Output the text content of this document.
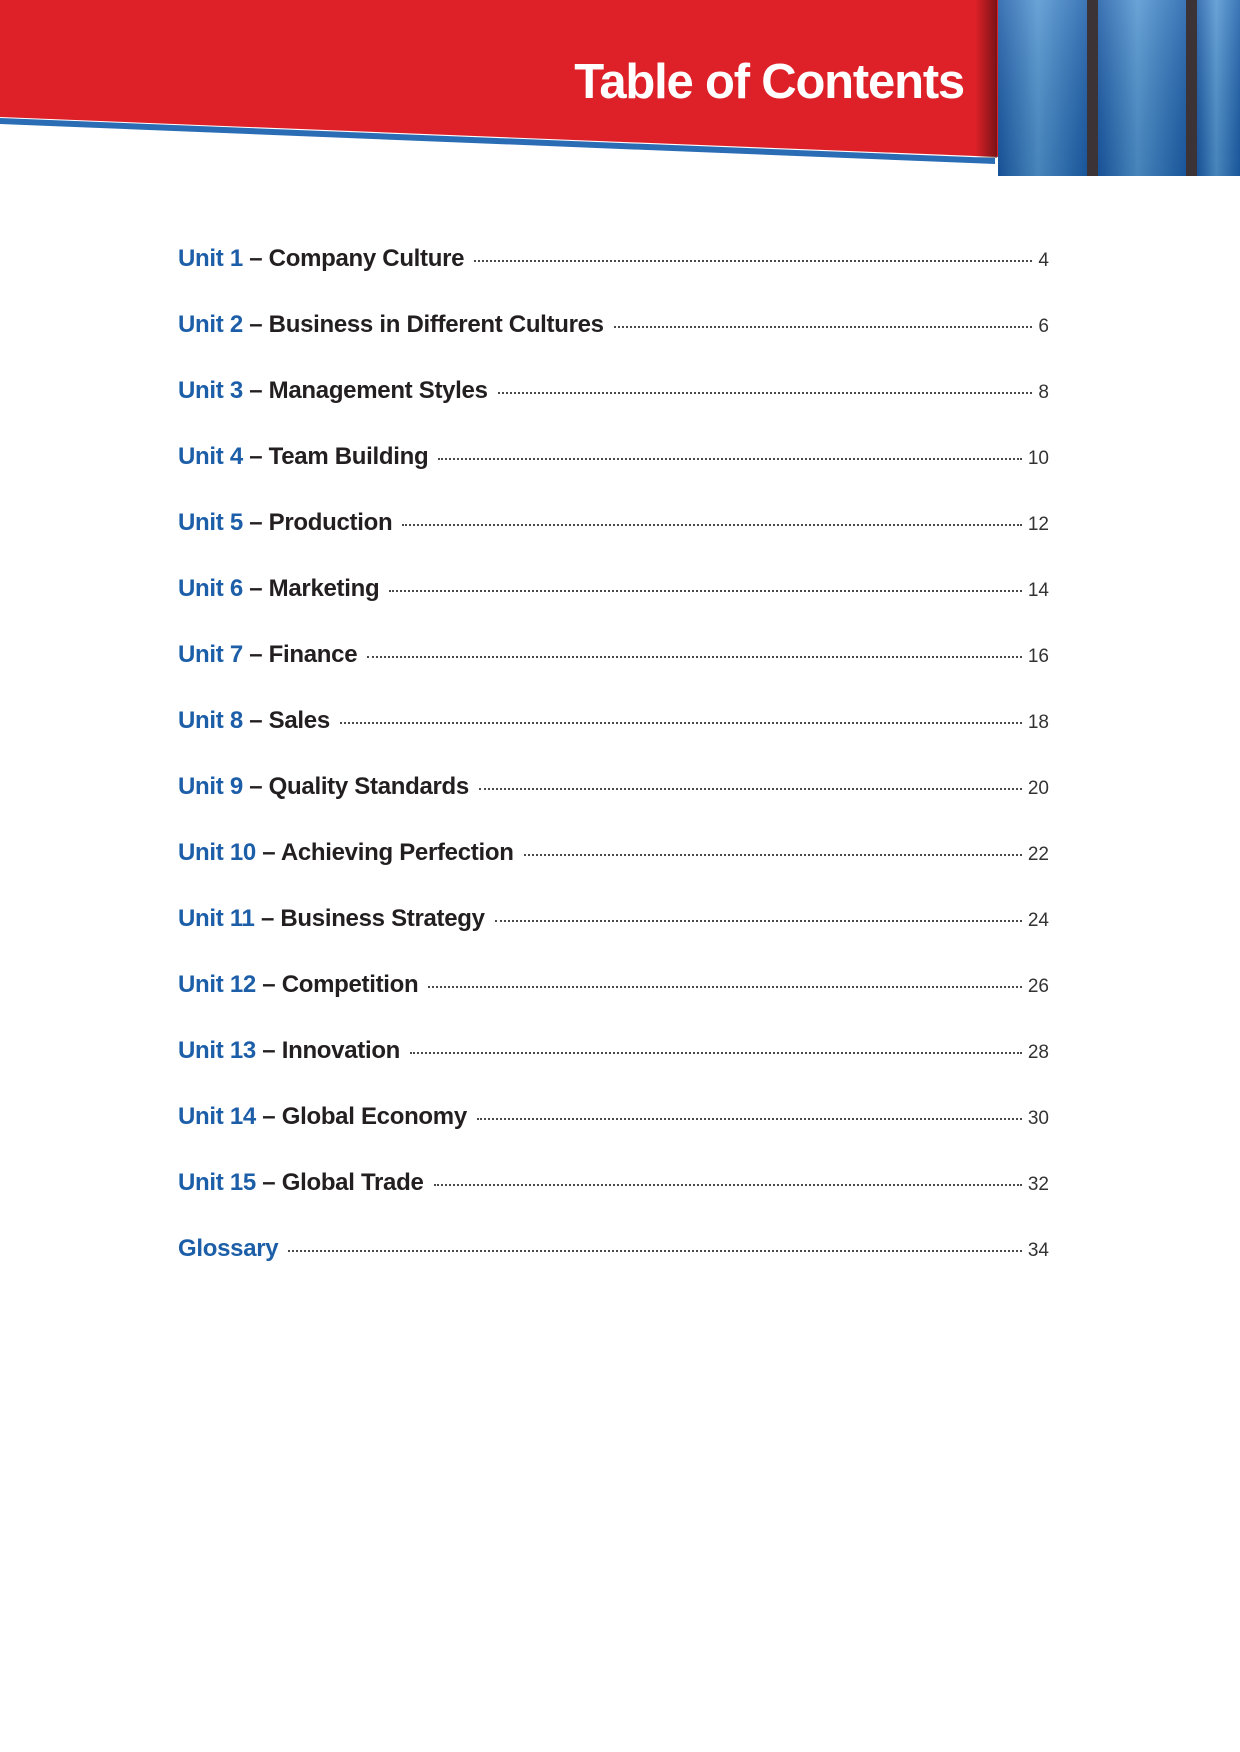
Table of Contents
Unit 1 – Company Culture	4
Unit 2 – Business in Different Cultures	6
Unit 3 – Management Styles	8
Unit 4 – Team Building	10
Unit 5 – Production	12
Unit 6 – Marketing	14
Unit 7 – Finance	16
Unit 8 – Sales	18
Unit 9 – Quality Standards	20
Unit 10 – Achieving Perfection	22
Unit 11 – Business Strategy	24
Unit 12 – Competition	26
Unit 13 – Innovation	28
Unit 14 – Global Economy	30
Unit 15 – Global Trade	32
Glossary	34
